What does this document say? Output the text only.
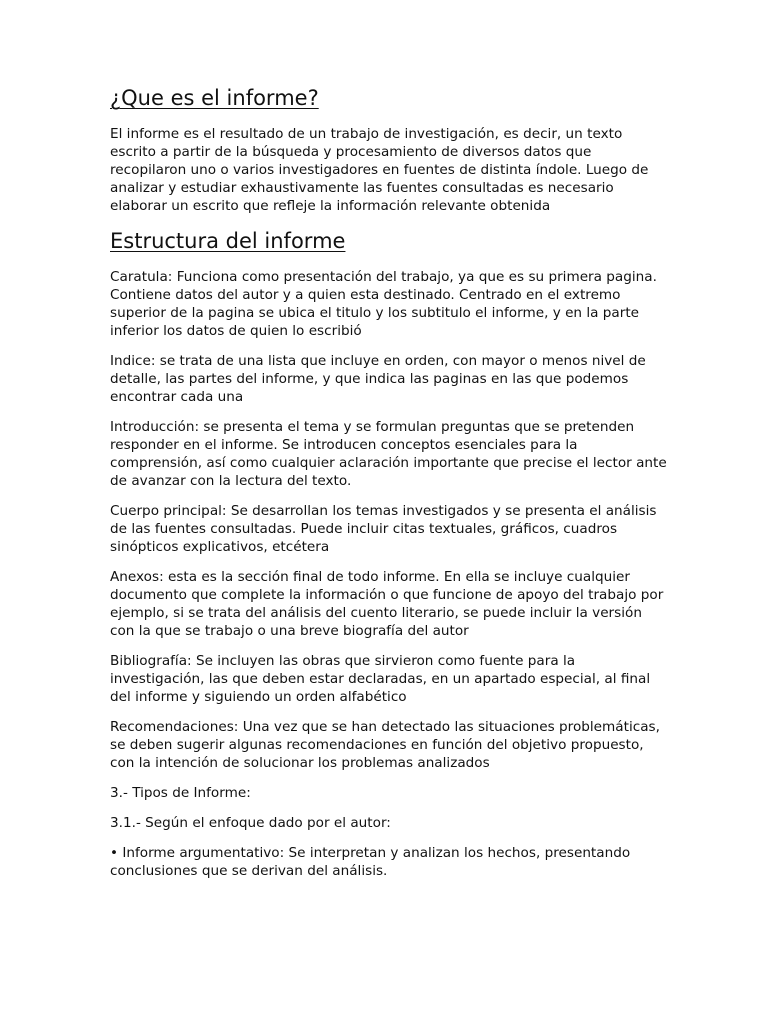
¿Que es el informe?

El informe es el resultado de un trabajo de investigación, es decir, un texto escrito a partir de la búsqueda y procesamiento de diversos datos que recopilaron uno o varios investigadores en fuentes de distinta índole. Luego de analizar y estudiar exhaustivamente las fuentes consultadas es necesario elaborar un escrito que refleje la información relevante obtenida

Estructura del informe

Caratula: Funciona como presentación del trabajo, ya que es su primera pagina. Contiene datos del autor y a quien esta destinado. Centrado en el extremo superior de la pagina se ubica el titulo y los subtitulo el informe, y en la parte inferior los datos de quien lo escribió

Indice: se trata de una lista que incluye en orden, con mayor o menos nivel de detalle, las partes del informe, y que indica las paginas en las que podemos encontrar cada una

Introducción: se presenta el tema y se formulan preguntas que se pretenden responder en el informe. Se introducen conceptos esenciales para la comprensión, así como cualquier aclaración importante que precise el lector ante de avanzar con la lectura del texto.

Cuerpo principal: Se desarrollan los temas investigados y se presenta el análisis de las fuentes consultadas. Puede incluir citas textuales, gráficos, cuadros sinópticos explicativos, etcétera

Anexos: esta es la sección final de todo informe. En ella se incluye cualquier documento que complete la información o que funcione de apoyo del trabajo por ejemplo, si se trata del análisis del cuento literario, se puede incluir la versión con la que se trabajo o una breve biografía del autor

Bibliografía: Se incluyen las obras que sirvieron como fuente para la investigación, las que deben estar declaradas, en un apartado especial, al final del informe y siguiendo un orden alfabético

Recomendaciones: Una vez que se han detectado las situaciones problemáticas, se deben sugerir algunas recomendaciones en función del objetivo propuesto, con la intención de solucionar los problemas analizados

3.- Tipos de Informe:

3.1.- Según el enfoque dado por el autor:

• Informe argumentativo: Se interpretan y analizan los hechos, presentando conclusiones que se derivan del análisis.
